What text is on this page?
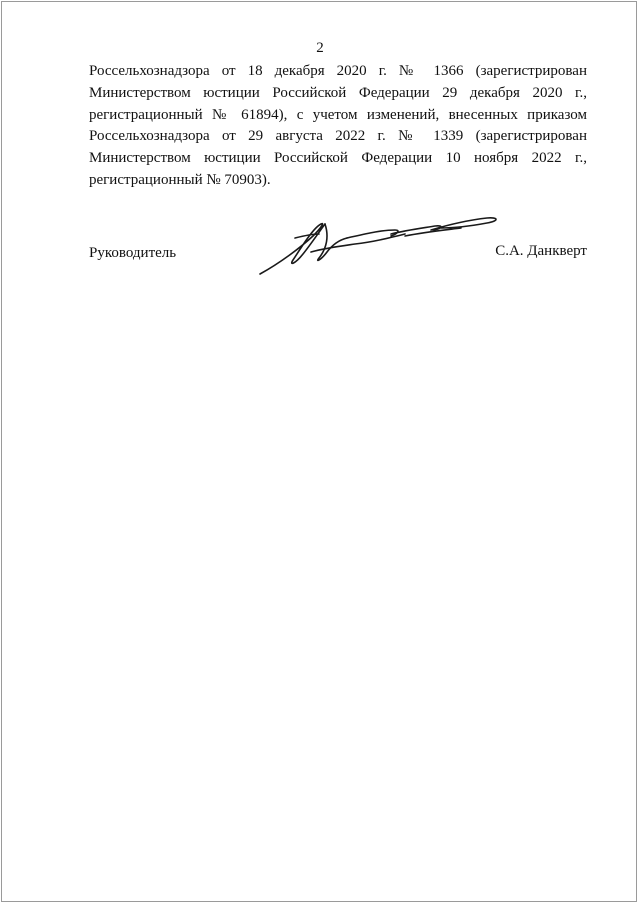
2
Россельхознадзора от 18 декабря 2020 г. № 1366 (зарегистрирован
Министерством юстиции Российской Федерации 29 декабря 2020 г.,
регистрационный № 61894), с учетом изменений, внесенных приказом
Россельхознадзора от 29 августа 2022 г. № 1339 (зарегистрирован
Министерством юстиции Российской Федерации 10 ноября 2022 г.,
регистрационный № 70903).
Руководитель	С.А. Данкверт
